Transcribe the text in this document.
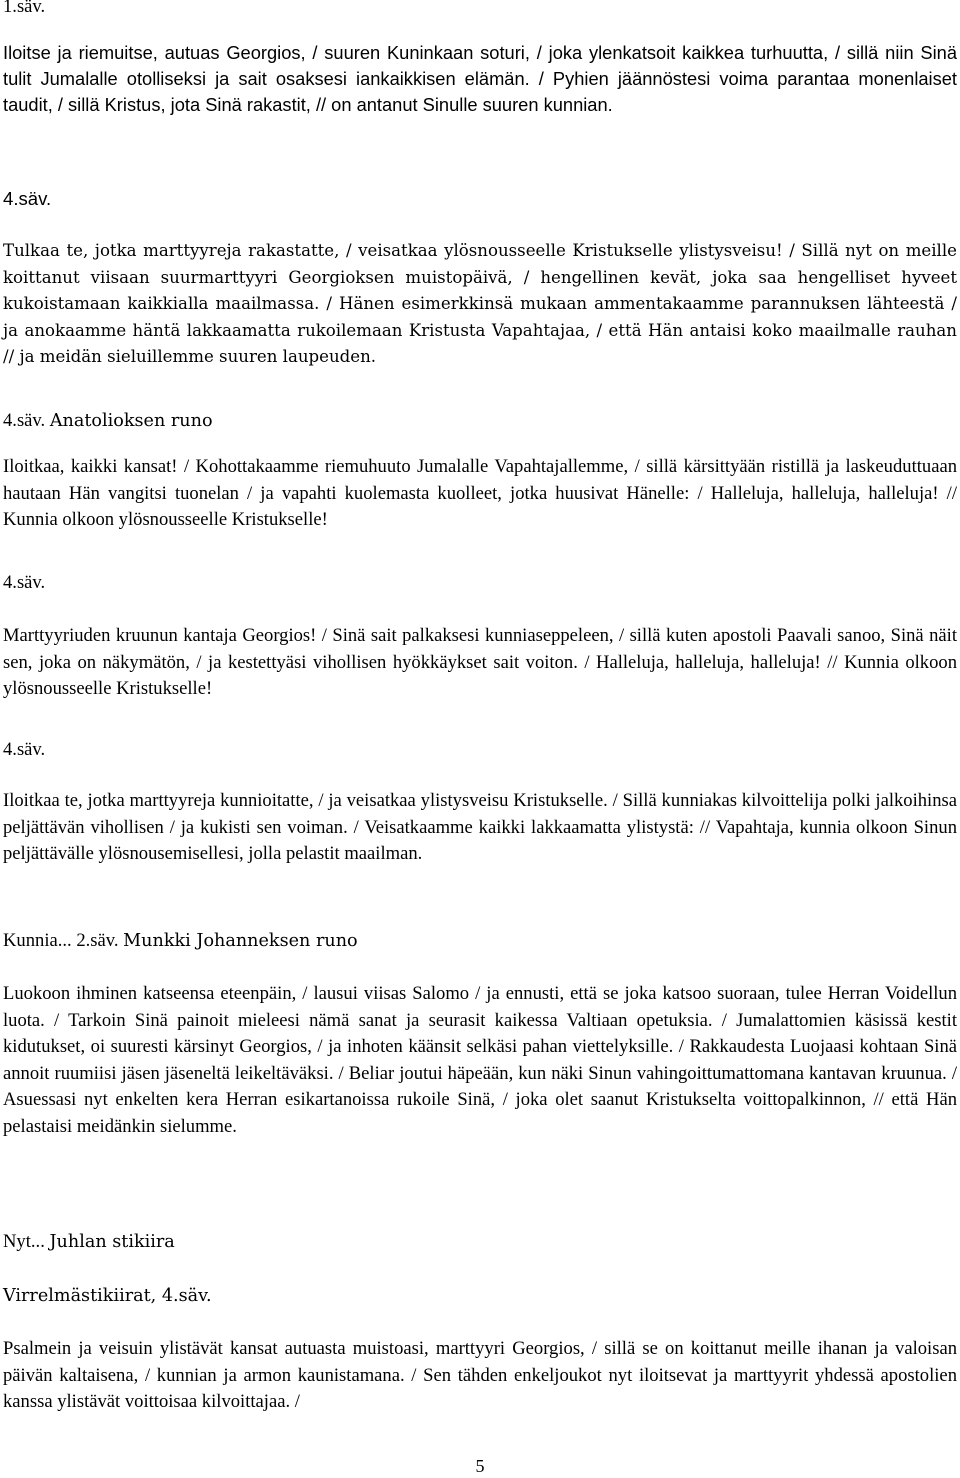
1.säv.

Iloitse ja riemuitse, autuas Georgios, / suuren Kuninkaan soturi, / joka ylenkatsoit kaikkea turhuutta, / sillä niin Sinä tulit Jumalalle otolliseksi ja sait osaksesi iankaikkisen elämän. / Pyhien jäännöstesi voima parantaa monenlaiset taudit, / sillä Kristus, jota Sinä rakastit, // on antanut Sinulle suuren kunnian.

4.säv.

Tulkaa te, jotka marttyyreja rakastatte, / veisatkaa ylösnousseelle Kristukselle ylistysveisu! / Sillä nyt on meille koittanut viisaan suurmarttyyri Georgioksen muistopäivä, / hengellinen kevät, joka saa hengelliset hyveet kukoistamaan kaikkialla maailmassa. / Hänen esimerkkinsä mukaan ammentakaamme parannuksen lähteestä / ja anokaamme häntä lakkaamatta rukoilemaan Kristusta Vapahtajaa, / että Hän antaisi koko maailmalle rauhan // ja meidän sieluillemme suuren laupeuden.

4.säv. Anatolioksen runo

Iloitkaa, kaikki kansat! / Kohottakaamme riemuhuuto Jumalalle Vapahtajallemme, / sillä kärsittyään ristillä ja laskeuduttuaan hautaan Hän vangitsi tuonelan / ja vapahti kuolemasta kuolleet, jotka huusivat Hänelle: / Halleluja, halleluja, halleluja! // Kunnia olkoon ylösnousseelle Kristukselle!

4.säv.

Marttyyriuden kruunun kantaja Georgios! / Sinä sait palkaksesi kunniaseppeleen, / sillä kuten apostoli Paavali sanoo, Sinä näit sen, joka on näkymätön, / ja kestettyäsi vihollisen hyökkäykset sait voiton. / Halleluja, halleluja, halleluja! // Kunnia olkoon ylösnousseelle Kristukselle!

4.säv.

Iloitkaa te, jotka marttyyreja kunnioitatte, / ja veisatkaa ylistysveisu Kristukselle. / Sillä kunniakas kilvoittelija polki jalkoihinsa peljättävän vihollisen / ja kukisti sen voiman. / Veisatkaamme kaikki lakkaamatta ylistystä: // Vapahtaja, kunnia olkoon Sinun peljättävälle ylösnousemisellesi, jolla pelastit maailman.

Kunnia... 2.säv. Munkki Johanneksen runo

Luokoon ihminen katseensa eteenpäin, / lausui viisas Salomo / ja ennusti, että se joka katsoo suoraan, tulee Herran Voidellun luota. / Tarkoin Sinä painoit mieleesi nämä sanat ja seurasit kaikessa Valtiaan opetuksia. / Jumalattomien käsissä kestit kidutukset, oi suuresti kärsinyt Georgios, / ja inhoten käänsit selkäsi pahan viettelyksille. / Rakkaudesta Luojaasi kohtaan Sinä annoit ruumiisi jäsen jäseneltä leikeltäväksi. / Beliar joutui häpeään, kun näki Sinun vahingoittumattomana kantavan kruunua. / Asuessasi nyt enkelten kera Herran esikartanoissa rukoile Sinä, / joka olet saanut Kristukselta voittopalkinnon, // että Hän pelastaisi meidänkin sielumme.

Nyt... Juhlan stikiira
Virrelmästikiirat, 4.säv.

Psalmein ja veisuin ylistävät kansat autuasta muistoasi, marttyyri Georgios, / sillä se on koittanut meille ihanan ja valoisan päivän kaltaisena, / kunnian ja armon kaunistamana. / Sen tähden enkeljoukot nyt iloitsevat ja marttyyrit yhdessä apostolien kanssa ylistävät voittoisaa kilvoittajaa. /

5
